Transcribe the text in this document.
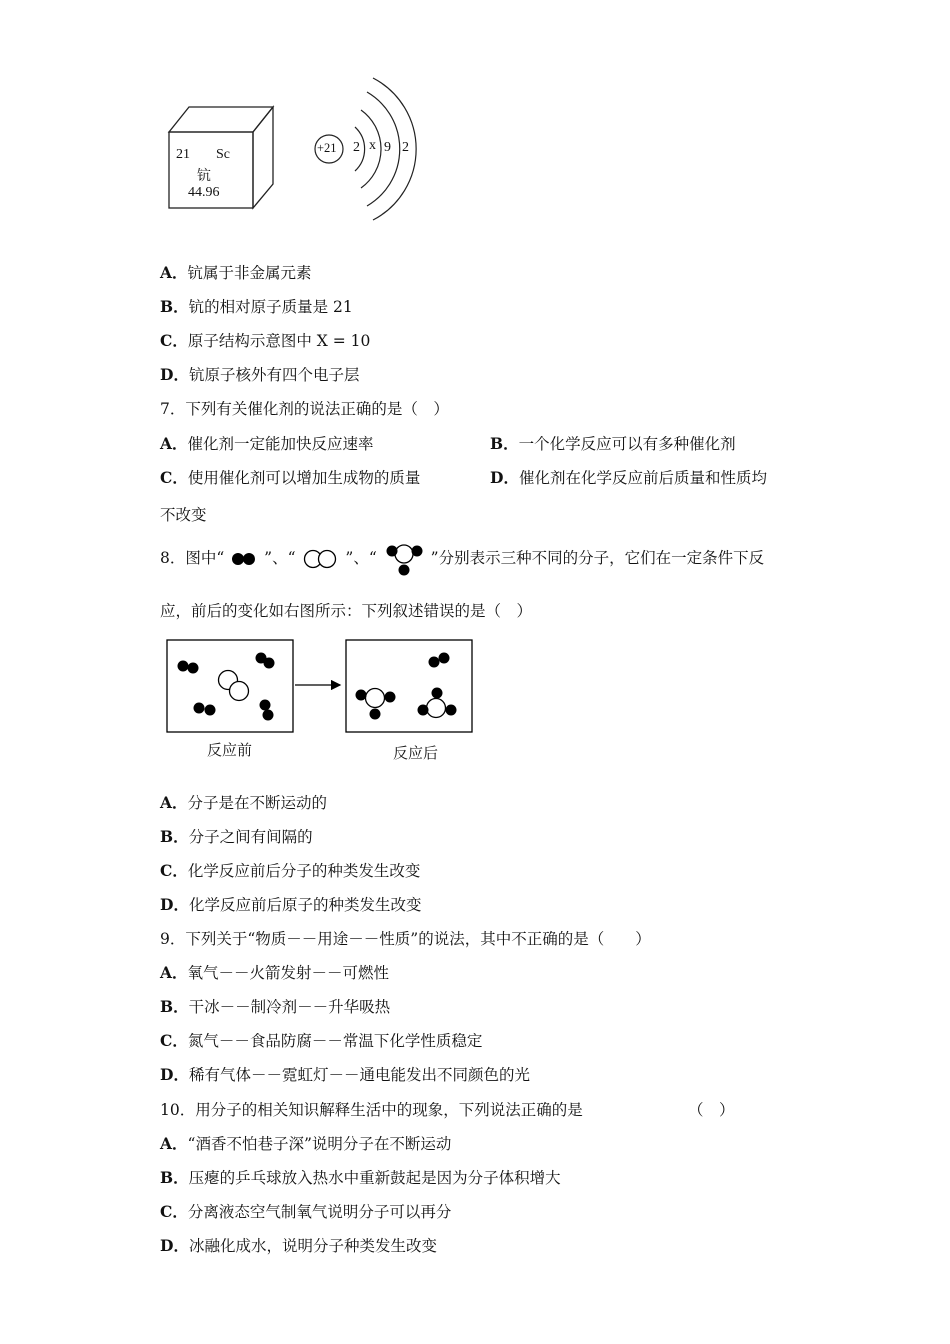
21 Sc
钪
44.96
+21 2 x 9 2
A．钪属于非金属元素
B．钪的相对原子质量是 21
C．原子结构示意图中 X = 10
D．钪原子核外有四个电子层
7．下列有关催化剂的说法正确的是（　）
A．催化剂一定能加快反应速率	B．一个化学反应可以有多种催化剂
C．使用催化剂可以增加生成物的质量	D．催化剂在化学反应前后质量和性质均
不改变
8．图中“	”、“	”、“	”分别表示三种不同的分子，它们在一定条件下反
应，前后的变化如右图所示：下列叙述错误的是（　）
反应前	反应后
A．分子是在不断运动的
B．分子之间有间隔的
C．化学反应前后分子的种类发生改变
D．化学反应前后原子的种类发生改变
9．下列关于“物质－－用途－－性质”的说法，其中不正确的是（　　）
A．氧气－－火箭发射－－可燃性
B．干冰－－制冷剂－－升华吸热
C．氮气－－食品防腐－－常温下化学性质稳定
D．稀有气体－－霓虹灯－－通电能发出不同颜色的光
10．用分子的相关知识解释生活中的现象，下列说法正确的是	（　）
A．“酒香不怕巷子深”说明分子在不断运动
B．压瘪的乒乓球放入热水中重新鼓起是因为分子体积增大
C．分离液态空气制氧气说明分子可以再分
D．冰融化成水，说明分子种类发生改变
